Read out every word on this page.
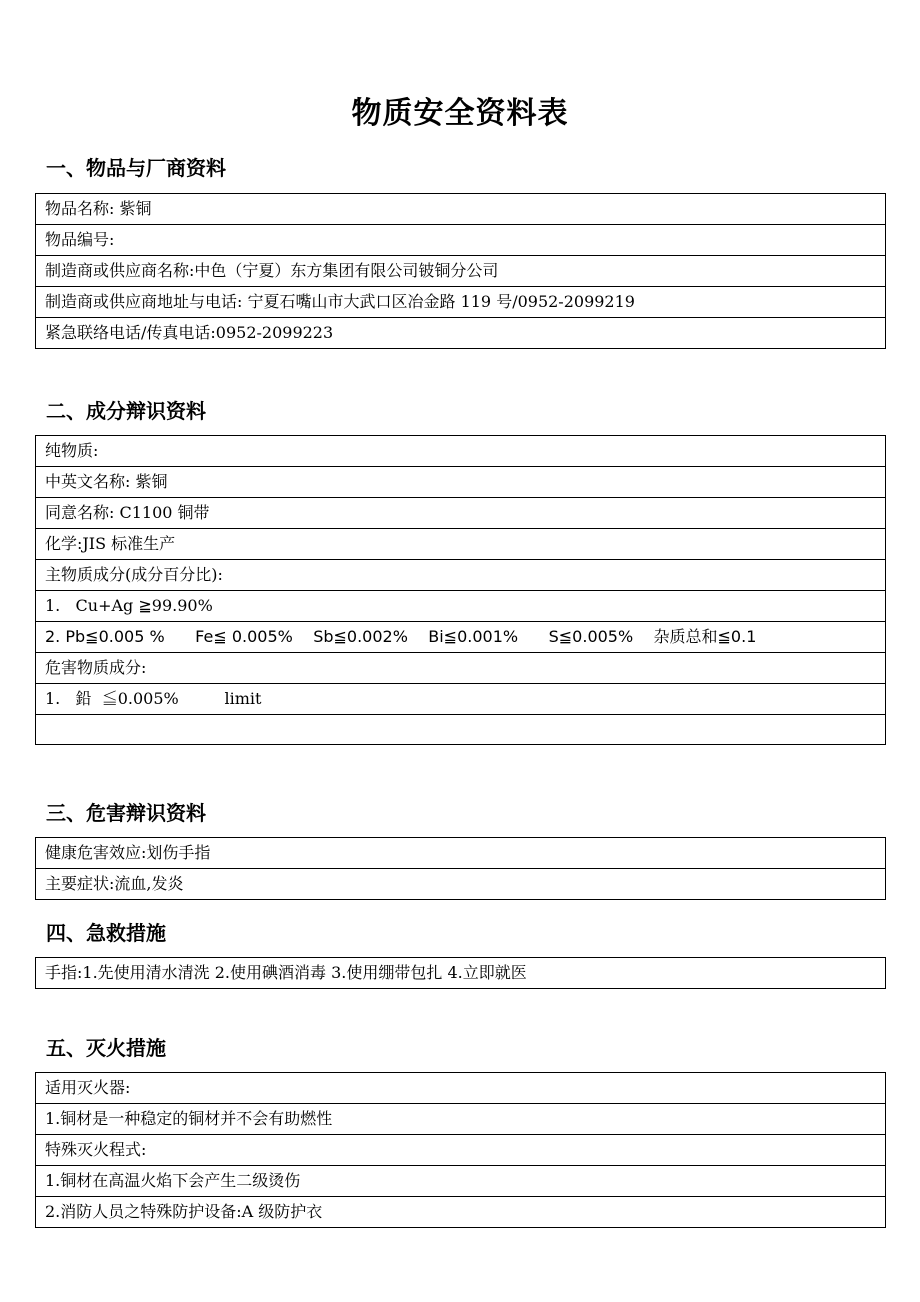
物质安全资料表
一、物品与厂商资料
物品名称: 紫铜
物品编号:
制造商或供应商名称:中色（宁夏）东方集团有限公司铍铜分公司
制造商或供应商地址与电话: 宁夏石嘴山市大武口区冶金路 119 号/0952-2099219
紧急联络电话/传真电话:0952-2099223
二、成分辩识资料
纯物质:
中英文名称: 紫铜
同意名称: C1100 铜带
化学:JIS 标准生产
主物质成分(成分百分比):
1.   Cu+Ag ≧99.90%
2. Pb≦0.005 %      Fe≦ 0.005%    Sb≦0.002%    Bi≦0.001%      S≦0.005%    杂质总和≦0.1
危害物质成分:
1.   鉛  ≦0.005%         limit

三、危害辩识资料
健康危害效应:划伤手指
主要症状:流血,发炎
四、急救措施
手指:1.先使用清水清洗 2.使用碘酒消毒 3.使用绷带包扎 4.立即就医
五、灭火措施
适用灭火器:
1.铜材是一种稳定的铜材并不会有助燃性
特殊灭火程式:
1.铜材在高温火焰下会产生二级烫伤
2.消防人员之特殊防护设备:A 级防护衣
